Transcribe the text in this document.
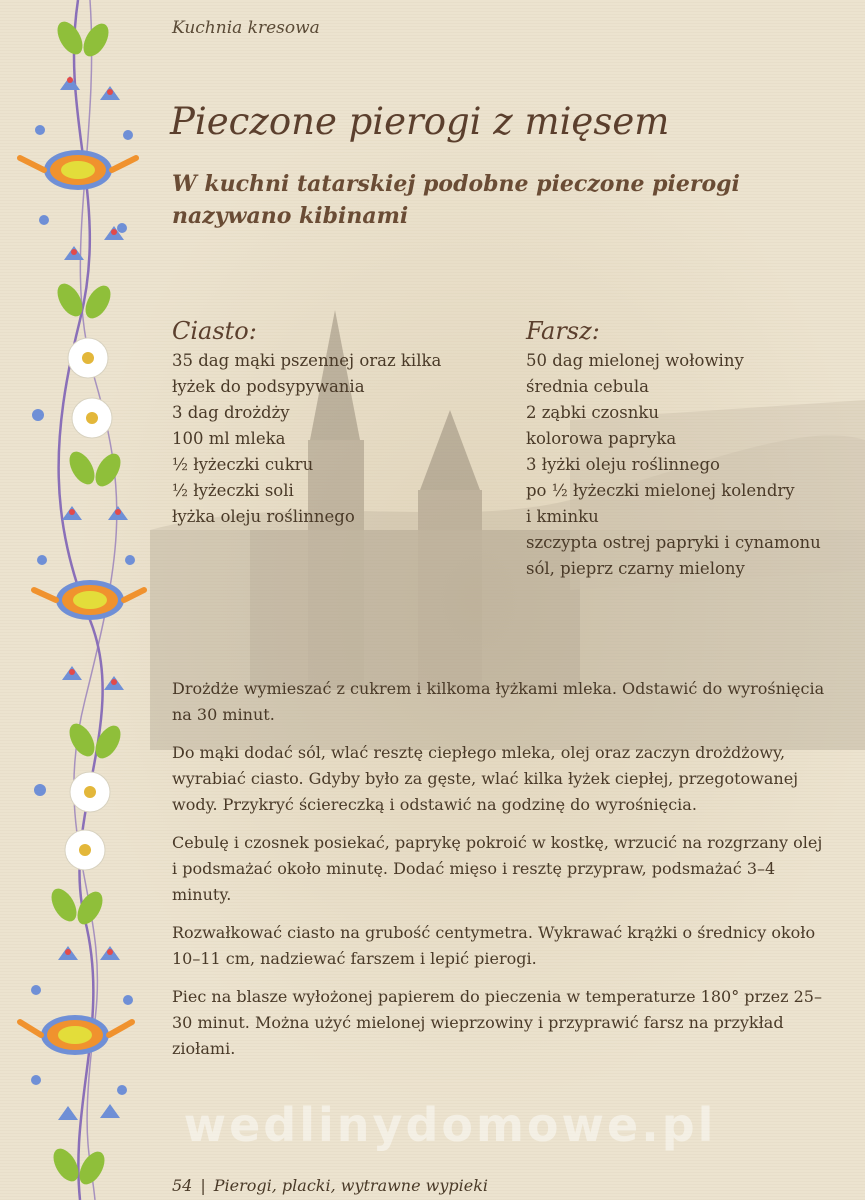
Kuchnia kresowa
Pieczone pierogi z mięsem
W kuchni tatarskiej podobne pieczone pierogi nazywano kibinami
Ciasto:
35 dag mąki pszennej oraz kilka
łyżek do podsypywania
3 dag drożdży
100 ml mleka
½ łyżeczki cukru
½ łyżeczki soli
łyżka oleju roślinnego
Farsz:
50 dag mielonej wołowiny
średnia cebula
2 ząbki czosnku
kolorowa papryka
3 łyżki oleju roślinnego
po ½ łyżeczki mielonej kolendry
i kminku
szczypta ostrej papryki i cynamonu
sól, pieprz czarny mielony

Drożdże wymieszać z cukrem i kilkoma łyżkami mleka. Odstawić do wyrośnięcia na 30 minut.

Do mąki dodać sól, wlać resztę ciepłego mleka, olej oraz zaczyn drożdżowy, wyrabiać ciasto. Gdyby było za gęste, wlać kilka łyżek ciepłej, przegotowanej wody. Przykryć ściereczką i odstawić na godzinę do wyrośnięcia.

Cebulę i czosnek posiekać, paprykę pokroić w kostkę, wrzucić na rozgrzany olej i podsmażać około minutę. Dodać mięso i resztę przypraw, podsmażać 3–4 minuty.

Rozwałkować ciasto na grubość centymetra. Wykrawać krążki o średnicy około 10–11 cm, nadziewać farszem i lepić pierogi.

Piec na blasze wyłożonej papierem do pieczenia w temperaturze 180° przez 25–30 minut. Można użyć mielonej wieprzowiny i przyprawić farsz na przykład ziołami.

wedlinydomowe.pl
54 | Pierogi, placki, wytrawne wypieki
